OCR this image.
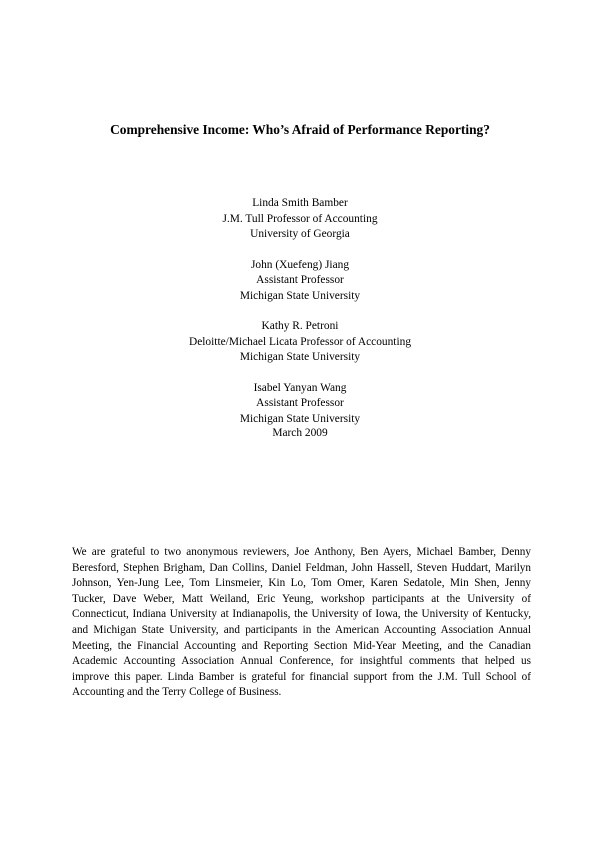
Comprehensive Income: Who’s Afraid of Performance Reporting?
Linda Smith Bamber
J.M. Tull Professor of Accounting
University of Georgia
John (Xuefeng) Jiang
Assistant Professor
Michigan State University
Kathy R. Petroni
Deloitte/Michael Licata Professor of Accounting
Michigan State University
Isabel Yanyan Wang
Assistant Professor
Michigan State University
March 2009

We are grateful to two anonymous reviewers, Joe Anthony, Ben Ayers, Michael Bamber, Denny Beresford, Stephen Brigham, Dan Collins, Daniel Feldman, John Hassell, Steven Huddart, Marilyn Johnson, Yen-Jung Lee, Tom Linsmeier, Kin Lo, Tom Omer, Karen Sedatole, Min Shen, Jenny Tucker, Dave Weber, Matt Weiland, Eric Yeung, workshop participants at the University of Connecticut, Indiana University at Indianapolis, the University of Iowa, the University of Kentucky, and Michigan State University, and participants in the American Accounting Association Annual Meeting, the Financial Accounting and Reporting Section Mid-Year Meeting, and the Canadian Academic Accounting Association Annual Conference, for insightful comments that helped us improve this paper. Linda Bamber is grateful for financial support from the J.M. Tull School of Accounting and the Terry College of Business.
